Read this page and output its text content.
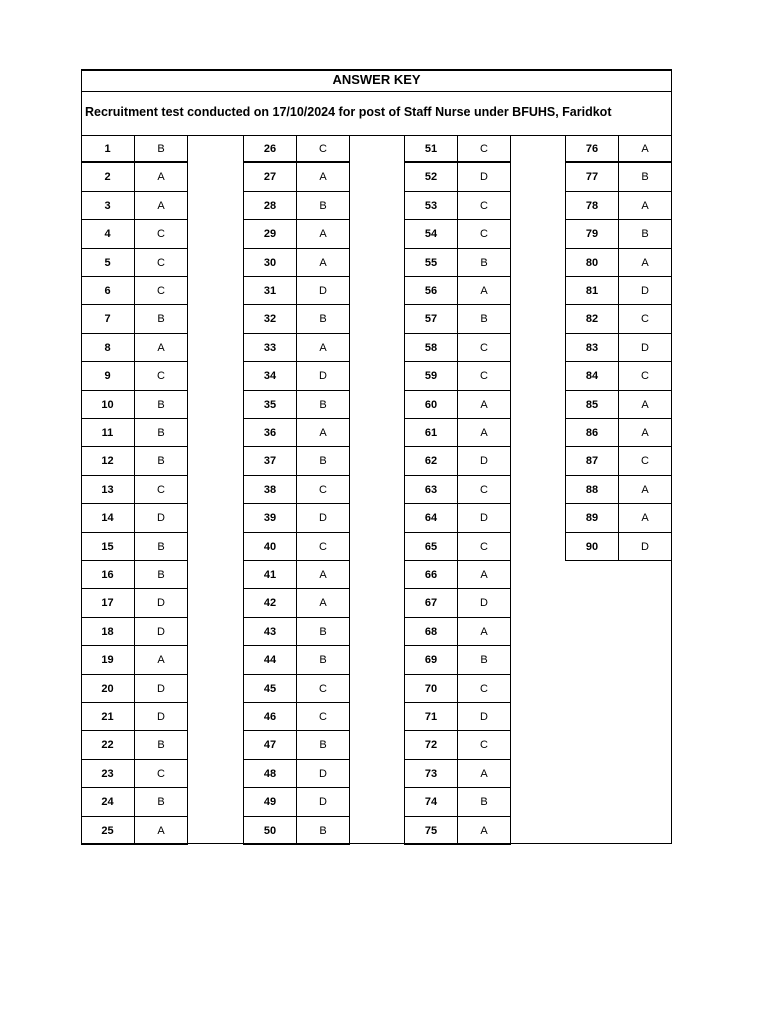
ANSWER KEY
Recruitment test conducted on 17/10/2024 for post of Staff Nurse under BFUHS, Faridkot
1	B
2	A
3	A
4	C
5	C
6	C
7	B
8	A
9	C
10	B
11	B
12	B
13	C
14	D
15	B
16	B
17	D
18	D
19	A
20	D
21	D
22	B
23	C
24	B
25	A
26	C
27	A
28	B
29	A
30	A
31	D
32	B
33	A
34	D
35	B
36	A
37	B
38	C
39	D
40	C
41	A
42	A
43	B
44	B
45	C
46	C
47	B
48	D
49	D
50	B
51	C
52	D
53	C
54	C
55	B
56	A
57	B
58	C
59	C
60	A
61	A
62	D
63	C
64	D
65	C
66	A
67	D
68	A
69	B
70	C
71	D
72	C
73	A
74	B
75	A
76	A
77	B
78	A
79	B
80	A
81	D
82	C
83	D
84	C
85	A
86	A
87	C
88	A
89	A
90	D
